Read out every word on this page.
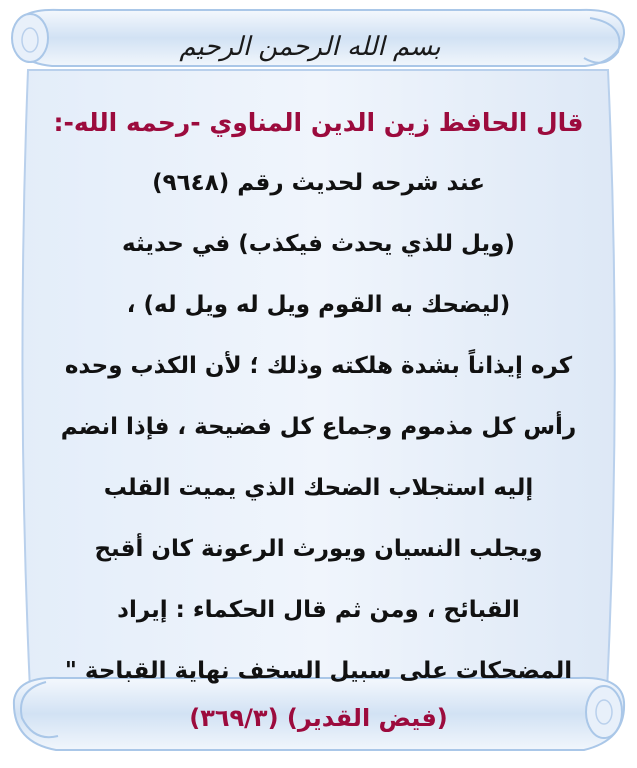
بسم الله الرحمن الرحيم
قال الحافظ زين الدين المناوي -رحمه الله-:
عند شرحه لحديث رقم (٩٦٤٨)
(ويل للذي يحدث فيكذب) في حديثه
(ليضحك به القوم ويل له ويل له) ،
كره إيذاناً بشدة هلكته وذلك ؛ لأن الكذب وحده
رأس كل مذموم وجماع كل فضيحة ، فإذا انضم
إليه استجلاب الضحك الذي يميت القلب
ويجلب النسيان ويورث الرعونة كان أقبح
القبائح ، ومن ثم قال الحكماء : إيراد
المضحكات على سبيل السخف نهاية القباحة "
(فيض القدير) (٣٦٩/٣)
